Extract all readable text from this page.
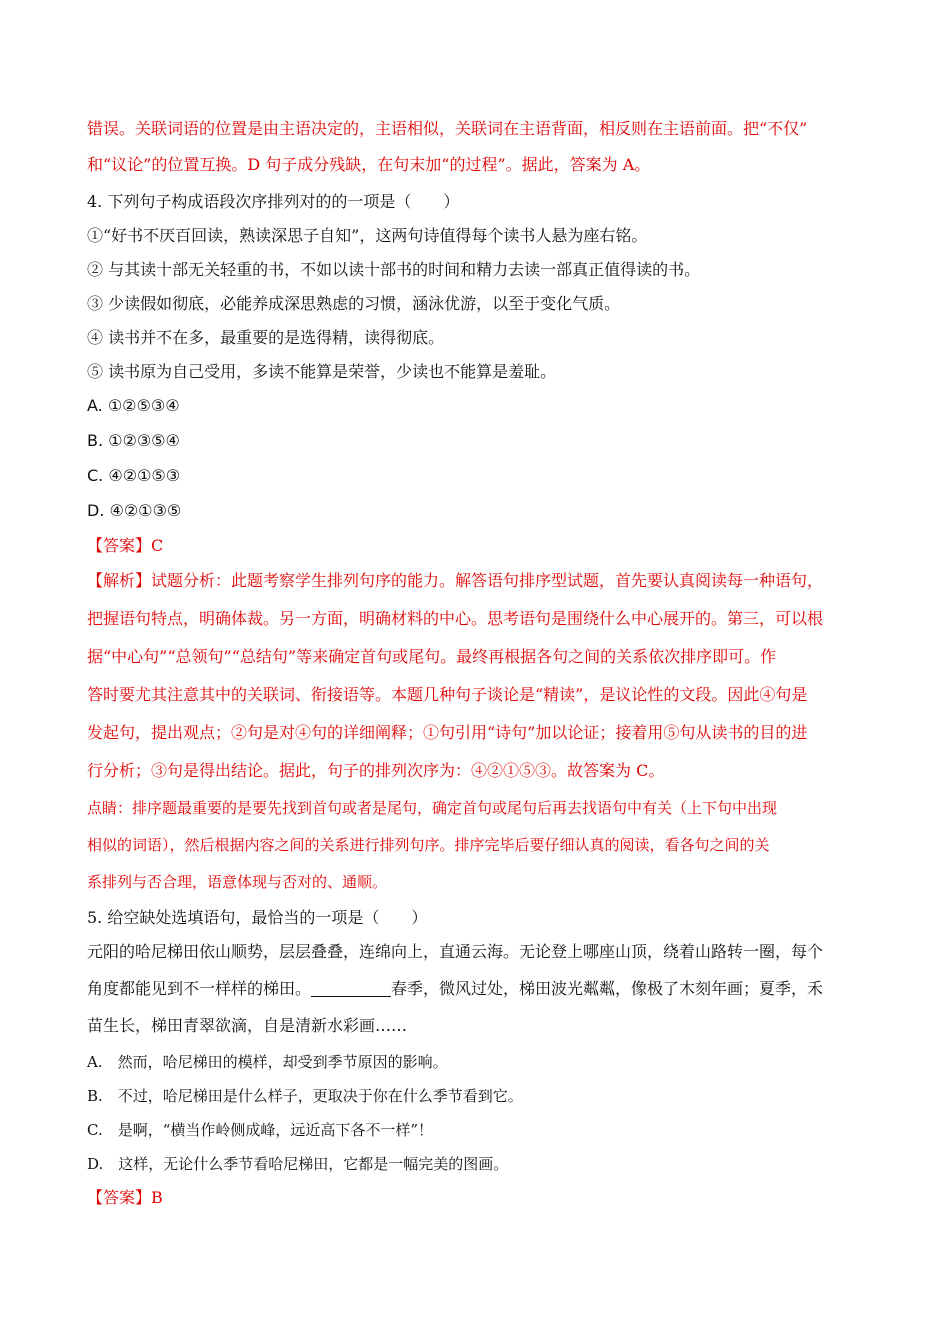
错误。关联词语的位置是由主语决定的，主语相似，关联词在主语背面，相反则在主语前面。把“不仅”
和“议论”的位置互换。D 句子成分残缺，在句末加“的过程”。据此，答案为 A。
4. 下列句子构成语段次序排列对的的一项是（　　）
①“好书不厌百回读，熟读深思子自知”，这两句诗值得每个读书人悬为座右铭。
② 与其读十部无关轻重的书，不如以读十部书的时间和精力去读一部真正值得读的书。
③ 少读假如彻底，必能养成深思熟虑的习惯，涵泳优游，以至于变化气质。
④ 读书并不在多，最重要的是选得精，读得彻底。
⑤ 读书原为自己受用，多读不能算是荣誉，少读也不能算是羞耻。
A. ①②⑤③④
B. ①②③⑤④
C. ④②①⑤③
D. ④②①③⑤
【答案】C
【解析】试题分析：此题考察学生排列句序的能力。解答语句排序型试题，首先要认真阅读每一种语句，
把握语句特点，明确体裁。另一方面，明确材料的中心。思考语句是围绕什么中心展开的。第三，可以根
据“中心句”“总领句”“总结句”等来确定首句或尾句。最终再根据各句之间的关系依次排序即可。作
答时要尤其注意其中的关联词、衔接语等。本题几种句子谈论是“精读”，是议论性的文段。因此④句是
发起句，提出观点；②句是对④句的详细阐释；①句引用“诗句”加以论证；接着用⑤句从读书的目的进
行分析；③句是得出结论。据此，句子的排列次序为：④②①⑤③。故答案为 C。
点睛：排序题最重要的是要先找到首句或者是尾句，确定首句或尾句后再去找语句中有关（上下句中出现
相似的词语），然后根据内容之间的关系进行排列句序。排序完毕后要仔细认真的阅读，看各句之间的关
系排列与否合理，语意体现与否对的、通顺。
5. 给空缺处选填语句，最恰当的一项是（　　）
元阳的哈尼梯田依山顺势，层层叠叠，连绵向上，直通云海。无论登上哪座山顶，绕着山路转一圈，每个
角度都能见到不一样样的梯田。	春季，微风过处，梯田波光粼粼，像极了木刻年画；夏季，禾
苗生长，梯田青翠欲滴，自是清新水彩画……
A.　然而，哈尼梯田的模样，却受到季节原因的影响。
B.　不过，哈尼梯田是什么样子，更取决于你在什么季节看到它。
C.　是啊，“横当作岭侧成峰，远近高下各不一样”！
D.　这样，无论什么季节看哈尼梯田，它都是一幅完美的图画。
【答案】B
